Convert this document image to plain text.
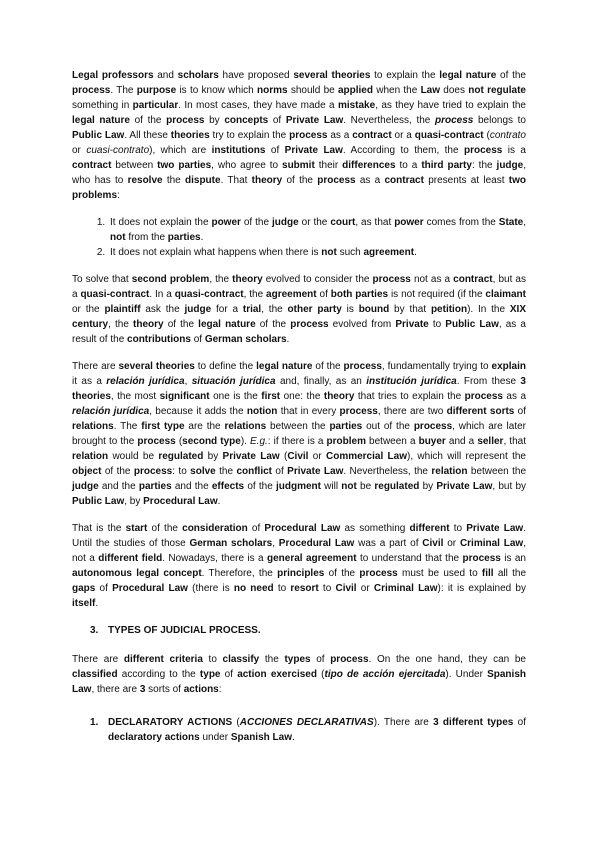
Legal professors and scholars have proposed several theories to explain the legal nature of the process. The purpose is to know which norms should be applied when the Law does not regulate something in particular. In most cases, they have made a mistake, as they have tried to explain the legal nature of the process by concepts of Private Law. Nevertheless, the process belongs to Public Law. All these theories try to explain the process as a contract or a quasi-contract (contrato or cuasi-contrato), which are institutions of Private Law. According to them, the process is a contract between two parties, who agree to submit their differences to a third party: the judge, who has to resolve the dispute. That theory of the process as a contract presents at least two problems:

1. It does not explain the power of the judge or the court, as that power comes from the State, not from the parties.
2. It does not explain what happens when there is not such agreement.

To solve that second problem, the theory evolved to consider the process not as a contract, but as a quasi-contract. In a quasi-contract, the agreement of both parties is not required (if the claimant or the plaintiff ask the judge for a trial, the other party is bound by that petition). In the XIX century, the theory of the legal nature of the process evolved from Private to Public Law, as a result of the contributions of German scholars.

There are several theories to define the legal nature of the process, fundamentally trying to explain it as a relación jurídica, situación jurídica and, finally, as an institución jurídica. From these 3 theories, the most significant one is the first one: the theory that tries to explain the process as a relación jurídica, because it adds the notion that in every process, there are two different sorts of relations. The first type are the relations between the parties out of the process, which are later brought to the process (second type). E.g.: if there is a problem between a buyer and a seller, that relation would be regulated by Private Law (Civil or Commercial Law), which will represent the object of the process: to solve the conflict of Private Law. Nevertheless, the relation between the judge and the parties and the effects of the judgment will not be regulated by Private Law, but by Public Law, by Procedural Law.

That is the start of the consideration of Procedural Law as something different to Private Law. Until the studies of those German scholars, Procedural Law was a part of Civil or Criminal Law, not a different field. Nowadays, there is a general agreement to understand that the process is an autonomous legal concept. Therefore, the principles of the process must be used to fill all the gaps of Procedural Law (there is no need to resort to Civil or Criminal Law): it is explained by itself.

3. TYPES OF JUDICIAL PROCESS.

There are different criteria to classify the types of process. On the one hand, they can be classified according to the type of action exercised (tipo de acción ejercitada). Under Spanish Law, there are 3 sorts of actions:

1. DECLARATORY ACTIONS (ACCIONES DECLARATIVAS). There are 3 different types of declaratory actions under Spanish Law.
